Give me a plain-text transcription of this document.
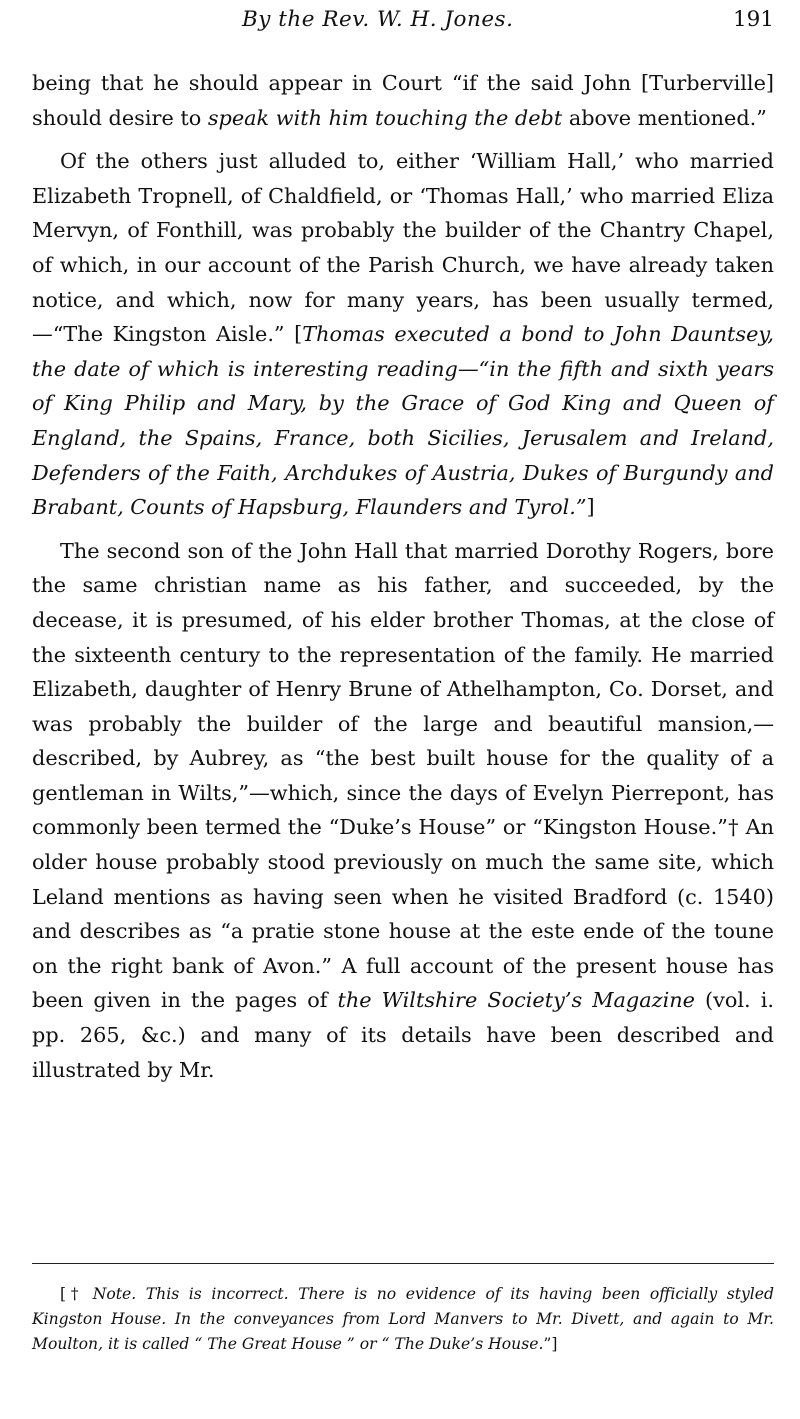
By the Rev. W. H. Jones.	191

being that he should appear in Court “if the said John [Turberville] should desire to speak with him touching the debt above mentioned.”

Of the others just alluded to, either ‘William Hall,’ who married Elizabeth Tropnell, of Chaldfield, or ‘Thomas Hall,’ who married Eliza Mervyn, of Fonthill, was probably the builder of the Chantry Chapel, of which, in our account of the Parish Church, we have already taken notice, and which, now for many years, has been usually termed,—“The Kingston Aisle.” [Thomas executed a bond to John Dauntsey, the date of which is interesting reading—“in the fifth and sixth years of King Philip and Mary, by the Grace of God King and Queen of England, the Spains, France, both Sicilies, Jerusalem and Ireland, Defenders of the Faith, Archdukes of Austria, Dukes of Burgundy and Brabant, Counts of Hapsburg, Flaunders and Tyrol.”]

The second son of the John Hall that married Dorothy Rogers, bore the same christian name as his father, and succeeded, by the decease, it is presumed, of his elder brother Thomas, at the close of the sixteenth century to the representation of the family. He married Elizabeth, daughter of Henry Brune of Athelhampton, Co. Dorset, and was probably the builder of the large and beautiful mansion,—described, by Aubrey, as “the best built house for the quality of a gentleman in Wilts,”—which, since the days of Evelyn Pierrepont, has commonly been termed the “Duke’s House” or “Kingston House.”† An older house probably stood previously on much the same site, which Leland mentions as having seen when he visited Bradford (c. 1540) and describes as “a pratie stone house at the este ende of the toune on the right bank of Avon.” A full account of the present house has been given in the pages of the Wiltshire Society’s Magazine (vol. i. pp. 265, &c.) and many of its details have been described and illustrated by Mr.

[† Note. This is incorrect. There is no evidence of its having been officially styled Kingston House. In the conveyances from Lord Manvers to Mr. Divett, and again to Mr. Moulton, it is called “ The Great House ” or “ The Duke’s House.”]
